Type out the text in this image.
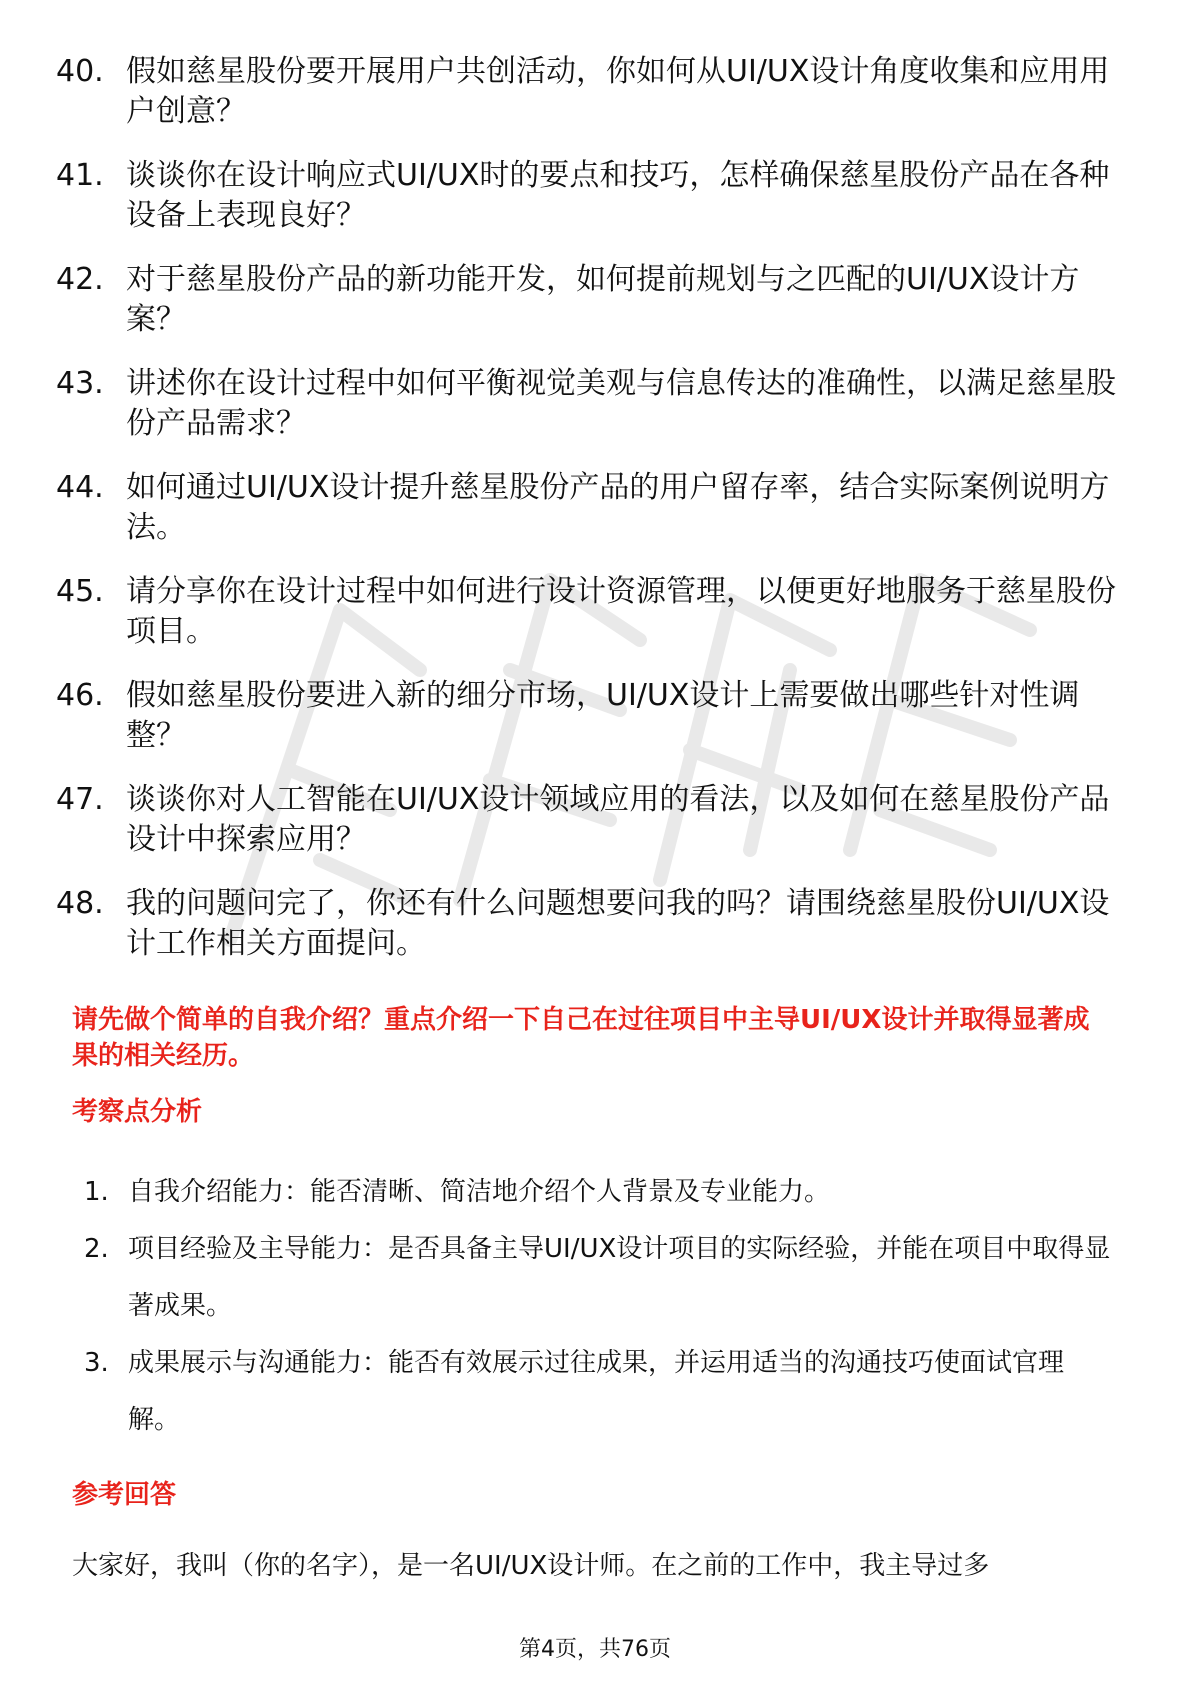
40. 假如慈星股份要开展用户共创活动，你如何从UI/UX设计角度收集和应用用户创意？
41. 谈谈你在设计响应式UI/UX时的要点和技巧，怎样确保慈星股份产品在各种设备上表现良好？
42. 对于慈星股份产品的新功能开发，如何提前规划与之匹配的UI/UX设计方案？
43. 讲述你在设计过程中如何平衡视觉美观与信息传达的准确性，以满足慈星股份产品需求？
44. 如何通过UI/UX设计提升慈星股份产品的用户留存率，结合实际案例说明方法。
45. 请分享你在设计过程中如何进行设计资源管理，以便更好地服务于慈星股份项目。
46. 假如慈星股份要进入新的细分市场，UI/UX设计上需要做出哪些针对性调整？
47. 谈谈你对人工智能在UI/UX设计领域应用的看法，以及如何在慈星股份产品设计中探索应用？
48. 我的问题问完了，你还有什么问题想要问我的吗？请围绕慈星股份UI/UX设计工作相关方面提问。
请先做个简单的自我介绍？重点介绍一下自己在过往项目中主导UI/UX设计并取得显著成果的相关经历。
考察点分析
1. 自我介绍能力：能否清晰、简洁地介绍个人背景及专业能力。
2. 项目经验及主导能力：是否具备主导UI/UX设计项目的实际经验，并能在项目中取得显著成果。
3. 成果展示与沟通能力：能否有效展示过往成果，并运用适当的沟通技巧使面试官理解。
参考回答
大家好，我叫（你的名字），是一名UI/UX设计师。在之前的工作中，我主导过多
第4页，共76页
